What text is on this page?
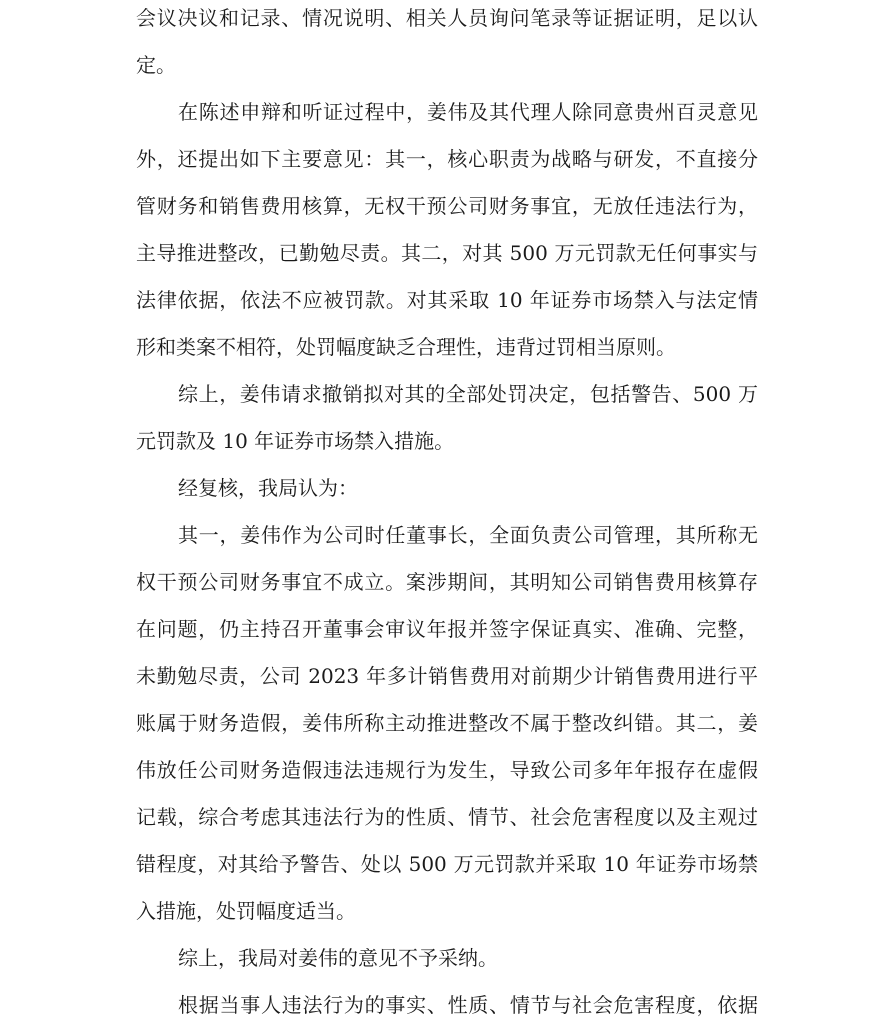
会议决议和记录、情况说明、相关人员询问笔录等证据证明，足以认
定。
在陈述申辩和听证过程中，姜伟及其代理人除同意贵州百灵意见
外，还提出如下主要意见：其一，核心职责为战略与研发，不直接分
管财务和销售费用核算，无权干预公司财务事宜，无放任违法行为，
主导推进整改，已勤勉尽责。其二，对其 500 万元罚款无任何事实与
法律依据，依法不应被罚款。对其采取 10 年证券市场禁入与法定情
形和类案不相符，处罚幅度缺乏合理性，违背过罚相当原则。
综上，姜伟请求撤销拟对其的全部处罚决定，包括警告、500 万
元罚款及 10 年证券市场禁入措施。
经复核，我局认为：
其一，姜伟作为公司时任董事长，全面负责公司管理，其所称无
权干预公司财务事宜不成立。案涉期间，其明知公司销售费用核算存
在问题，仍主持召开董事会审议年报并签字保证真实、准确、完整，
未勤勉尽责，公司 2023 年多计销售费用对前期少计销售费用进行平
账属于财务造假，姜伟所称主动推进整改不属于整改纠错。其二，姜
伟放任公司财务造假违法违规行为发生，导致公司多年年报存在虚假
记载，综合考虑其违法行为的性质、情节、社会危害程度以及主观过
错程度，对其给予警告、处以 500 万元罚款并采取 10 年证券市场禁
入措施，处罚幅度适当。
综上，我局对姜伟的意见不予采纳。
根据当事人违法行为的事实、性质、情节与社会危害程度，依据
